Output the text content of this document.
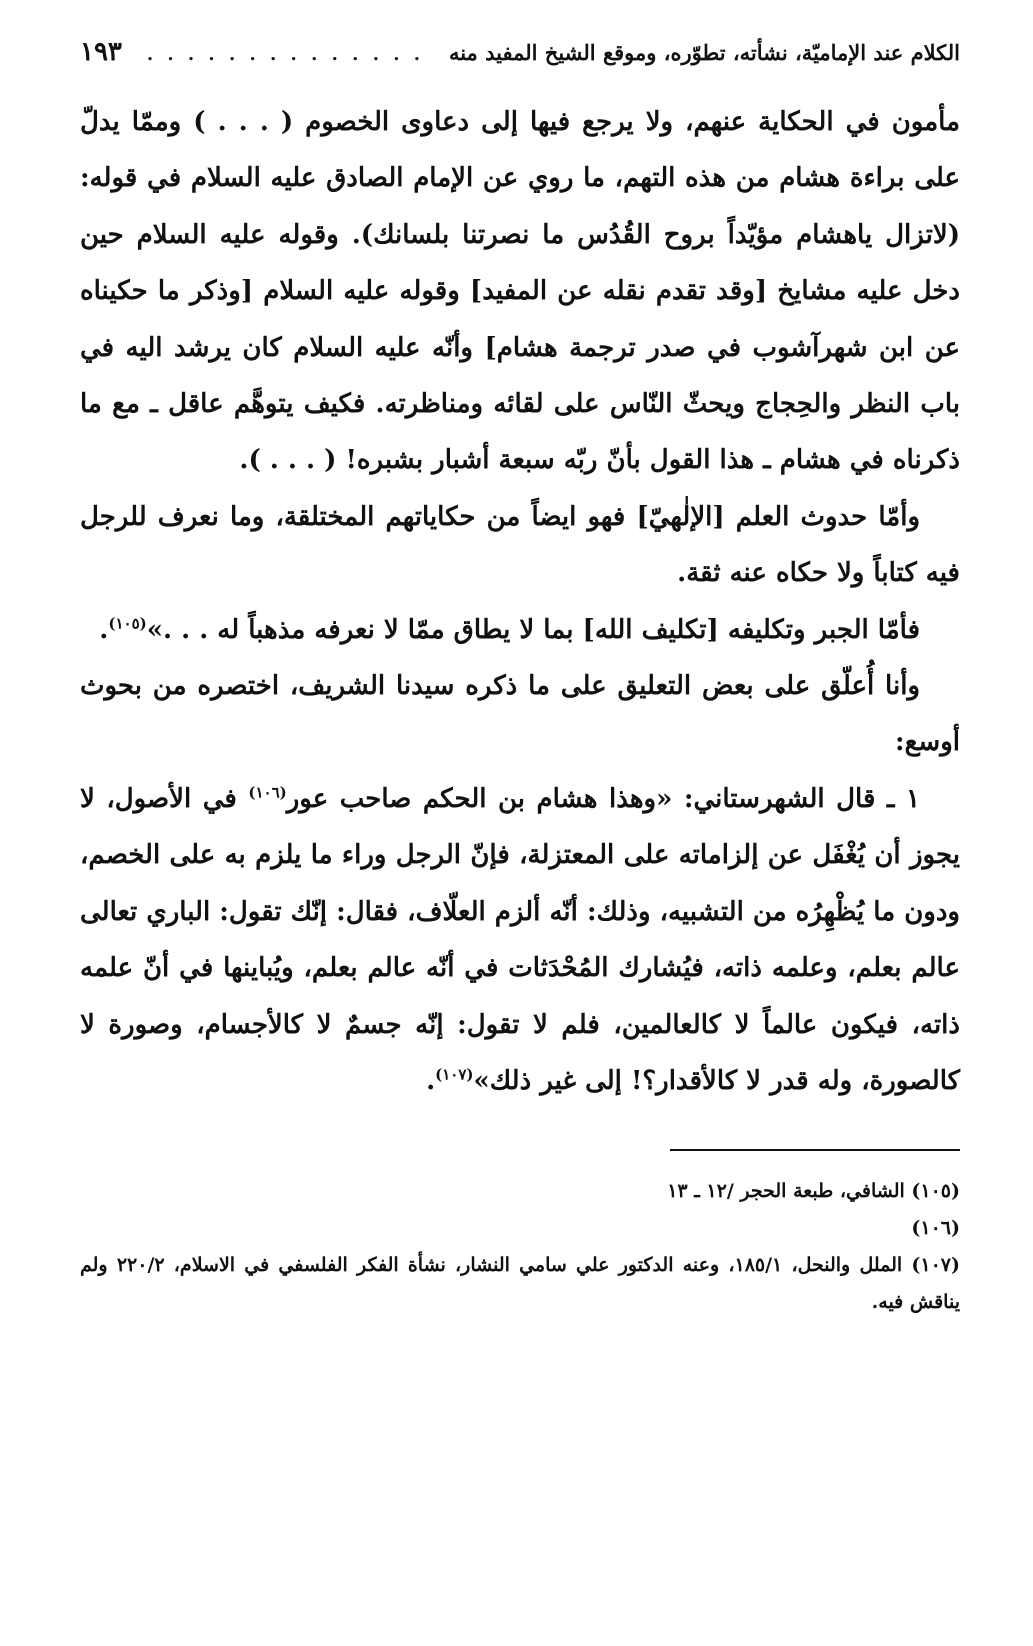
الكلام عند الإماميّة، نشأته، تطوّره، وموقع الشيخ المفيد منه
. . . . . . . . . . . . . .
١٩٣

مأمون في الحكاية عنهم، ولا يرجع فيها إلى دعاوى الخصوم ( . . . ) وممّا يدلّ على براءة هشام من هذه التهم، ما روي عن الإمام الصادق عليه السلام في قوله: (لاتزال ياهشام مؤيّداً بروح القُدُس ما نصرتنا بلسانك). وقوله عليه السلام حين دخل عليه مشايخ [وقد تقدم نقله عن المفيد] وقوله عليه السلام [وذكر ما حكيناه عن ابن شهرآشوب في صدر ترجمة هشام] وأنّه عليه السلام كان يرشد اليه في باب النظر والحِجاج ويحثّ النّاس على لقائه ومناظرته. فكيف يتوهَّم عاقل ـ مع ما ذكرناه في هشام ـ هذا القول بأنّ ربّه سبعة أشبار بشبره! ( . . . ).

وأمّا حدوث العلم [الإلٰهيّ] فهو ايضاً من حكاياتهم المختلقة، وما نعرف للرجل فيه كتاباً ولا حكاه عنه ثقة.

فأمّا الجبر وتكليفه [تكليف الله] بما لا يطاق ممّا لا نعرفه مذهباً له . . .»$^{(١٠٥)}$.

وأنا أُعلّق على بعض التعليق على ما ذكره سيدنا الشريف، اختصره من بحوث أوسع:

١ ـ قال الشهرستاني: «وهذا هشام بن الحكم صاحب عور$^{(١٠٦)}$ في الأصول، لا يجوز أن يُغْفَل عن إلزاماته على المعتزلة، فإنّ الرجل وراء ما يلزم به على الخصم، ودون ما يُظْهِرُه من التشبيه، وذلك: أنّه ألزم العلّاف، فقال: إنّك تقول: الباري تعالى عالم بعلم، وعلمه ذاته، فيُشارك المُحْدَثات في أنّه عالم بعلم، ويُباينها في أنّ علمه ذاته، فيكون عالماً لا كالعالمين، فلم لا تقول: إنّه جسمٌ لا كالأجسام، وصورة لا كالصورة، وله قدر لا كالأقدار؟! إلى غير ذلك»$^{(١٠٧)}$.

(١٠٥) الشافي، طبعة الحجر /١٢ ـ ١٣

(١٠٦)

(١٠٧) الملل والنحل، ١٨٥/١، وعنه الدكتور علي سامي النشار، نشأة الفكر الفلسفي في الاسلام، ٢٢٠/٢ ولم يناقش فيه.
